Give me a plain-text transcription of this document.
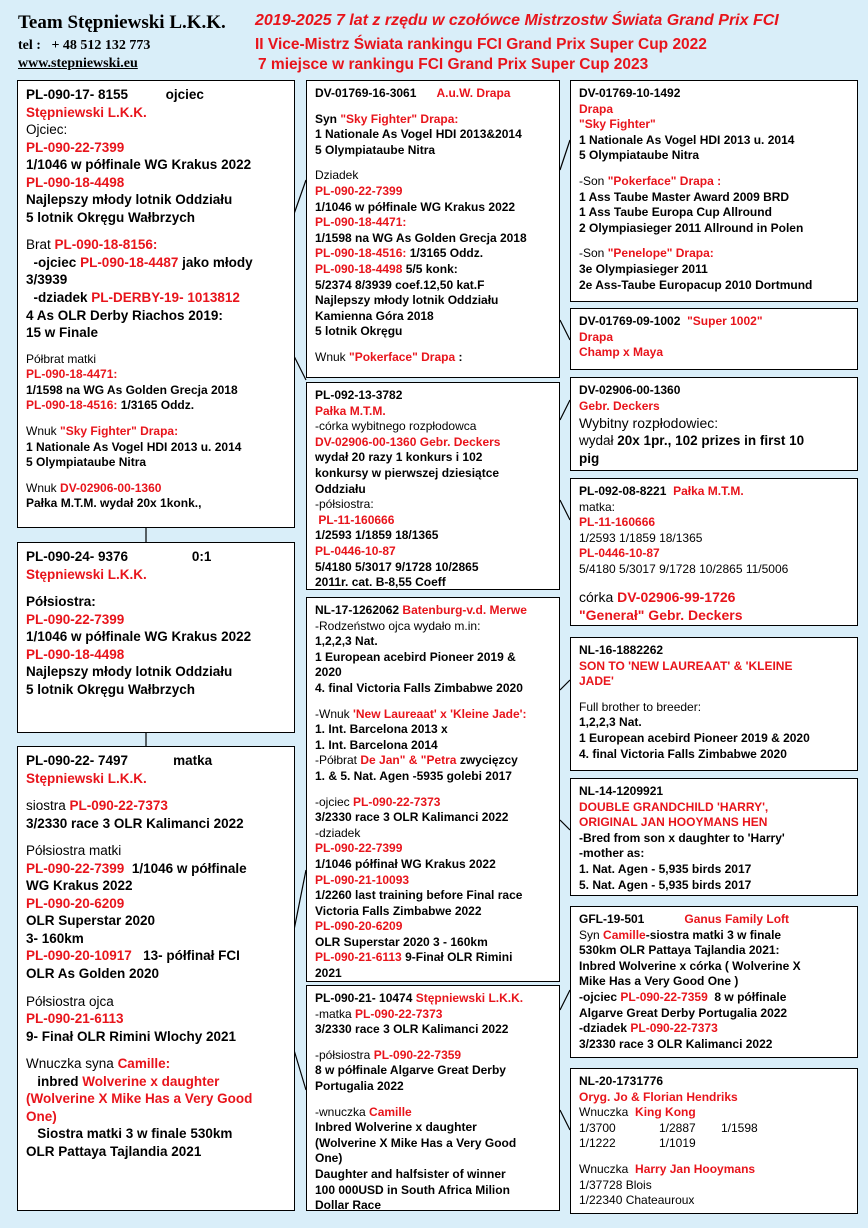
Team Stępniewski L.K.K.
tel : + 48 512 132 773
www.stepniewski.eu
2019-2025 7 lat z rzędu w czołówce Mistrzostw Świata Grand Prix FCI
II Vice-Mistrz Świata rankingu FCI Grand Prix Super Cup 2022
7 miejsce w rankingu FCI Grand Prix Super Cup 2023

PL-090-17- 8155	ojciec

Stępniewski L.K.K.

Ojciec:

PL-090-22-7399

1/1046 w półfinale WG Krakus 2022

PL-090-18-4498

Najlepszy młody lotnik Oddziału

5 lotnik Okręgu Wałbrzych

Brat PL-090-18-8156:

-ojciec PL-090-18-4487 jako młody

3/3939

-dziadek PL-DERBY-19- 1013812

4 As OLR Derby Riachos 2019:

15 w Finale

Półbrat matki

PL-090-18-4471:

1/1598 na WG As Golden Grecja 2018

PL-090-18-4516: 1/3165 Oddz.

Wnuk "Sky Fighter" Drapa:

1 Nationale As Vogel HDI 2013 u. 2014

5 Olympiataube Nitra

Wnuk DV-02906-00-1360

Pałka M.T.M. wydał 20x 1konk.,

PL-090-24- 9376	0:1

Stępniewski L.K.K.

Półsiostra:

PL-090-22-7399

1/1046 w półfinale WG Krakus 2022

PL-090-18-4498

Najlepszy młody lotnik Oddziału

5 lotnik Okręgu Wałbrzych

PL-090-22- 7497	matka

Stępniewski L.K.K.

siostra PL-090-22-7373

3/2330 race 3 OLR Kalimanci 2022

Półsiostra matki

PL-090-22-7399 1/1046 w półfinale

WG Krakus 2022

PL-090-20-6209

OLR Superstar 2020

3- 160km

PL-090-20-10917 13- półfinał FCI

OLR As Golden 2020

Półsiostra ojca

PL-090-21-6113

9- Finał OLR Rimini Wlochy 2021

Wnuczka syna Camille:

inbred Wolverine x daughter

(Wolverine X Mike Has a Very Good

One)

Siostra matki 3 w finale 530km

OLR Pattaya Tajlandia 2021

DV-01769-16-3061 A.u.W. Drapa

Syn "Sky Fighter" Drapa:

1 Nationale As Vogel HDI 2013&2014

5 Olympiataube Nitra

Dziadek

PL-090-22-7399

1/1046 w półfinale WG Krakus 2022

PL-090-18-4471:

1/1598 na WG As Golden Grecja 2018

PL-090-18-4516: 1/3165 Oddz.

PL-090-18-4498 5/5 konk:

5/2374 8/3939 coef.12,50 kat.F

Najlepszy młody lotnik Oddziału

Kamienna Góra 2018

5 lotnik Okręgu

Wnuk "Pokerface" Drapa :

PL-092-13-3782

Pałka M.T.M.

-córka wybitnego rozpłodowca

DV-02906-00-1360 Gebr. Deckers

wydał 20 razy 1 konkurs i 102

konkursy w pierwszej dziesiątce

Oddziału

-półsiostra:

PL-11-160666

1/2593 1/1859 18/1365

PL-0446-10-87

5/4180 5/3017 9/1728 10/2865

2011r. cat. B-8,55 Coeff

DV-01769-10-1492

Drapa

"Sky Fighter"

1 Nationale As Vogel HDI 2013 u. 2014

5 Olympiataube Nitra

-Son "Pokerface" Drapa :

1 Ass Taube Master Award 2009 BRD

1 Ass Taube Europa Cup Allround

2 Olympiasieger 2011 Allround in Polen

-Son "Penelope" Drapa:

3e Olympiasieger 2011

2e Ass-Taube Europacup 2010 Dortmund

DV-01769-09-1002 "Super 1002"

Drapa

Champ x Maya

DV-02906-00-1360

Gebr. Deckers

Wybitny rozpłodowiec:

wydał 20x 1pr., 102 prizes in first 10

pig

PL-092-08-8221 Pałka M.T.M.

matka:

PL-11-160666

1/2593 1/1859 18/1365

PL-0446-10-87

5/4180 5/3017 9/1728 10/2865 11/5006

córka DV-02906-99-1726

"Generał" Gebr. Deckers

NL-17-1262062 Batenburg-v.d. Merwe

-Rodzeństwo ojca wydało m.in:

1,2,2,3 Nat.

1 European acebird Pioneer 2019 &

2020

4. final Victoria Falls Zimbabwe 2020

-Wnuk 'New Laureaat' x 'Kleine Jade':

1. Int. Barcelona 2013 x

1. Int. Barcelona 2014

-Półbrat De Jan" & "Petra zwycięzcy

1. & 5. Nat. Agen -5935 golebi 2017

-ojciec PL-090-22-7373

3/2330 race 3 OLR Kalimanci 2022

-dziadek

PL-090-22-7399

1/1046 półfinał WG Krakus 2022

PL-090-21-10093

1/2260 last training before Final race

Victoria Falls Zimbabwe 2022

PL-090-20-6209

OLR Superstar 2020 3 - 160km

PL-090-21-6113 9-Finał OLR Rimini

2021

NL-16-1882262

SON TO 'NEW LAUREAAT' & 'KLEINE

JADE'

Full brother to breeder:

1,2,2,3 Nat.

1 European acebird Pioneer 2019 & 2020

4. final Victoria Falls Zimbabwe 2020

NL-14-1209921

DOUBLE GRANDCHILD 'HARRY',

ORIGINAL JAN HOOYMANS HEN

-Bred from son x daughter to 'Harry'

-mother as:

1. Nat. Agen - 5,935 birds 2017

5. Nat. Agen - 5,935 birds 2017

PL-090-21- 10474 Stępniewski L.K.K.

-matka PL-090-22-7373

3/2330 race 3 OLR Kalimanci 2022

-półsiostra PL-090-22-7359

8 w półfinale Algarve Great Derby

Portugalia 2022

-wnuczka Camille

Inbred Wolverine x daughter

(Wolverine X Mike Has a Very Good

One)

Daughter and halfsister of winner

100 000USD in South Africa Milion

Dollar Race

GFL-19-501	Ganus Family Loft

Syn Camille-siostra matki 3 w finale

530km OLR Pattaya Tajlandia 2021:

Inbred Wolverine x córka ( Wolverine X

Mike Has a Very Good One )

-ojciec PL-090-22-7359 8 w półfinale

Algarve Great Derby Portugalia 2022

-dziadek PL-090-22-7373

3/2330 race 3 OLR Kalimanci 2022

NL-20-1731776

Oryg. Jo & Florian Hendriks

Wnuczka King Kong

1/3700	1/2887 1/1598

1/1222	1/1019

Wnuczka Harry Jan Hooymans

1/37728 Blois

1/22340 Chateauroux
